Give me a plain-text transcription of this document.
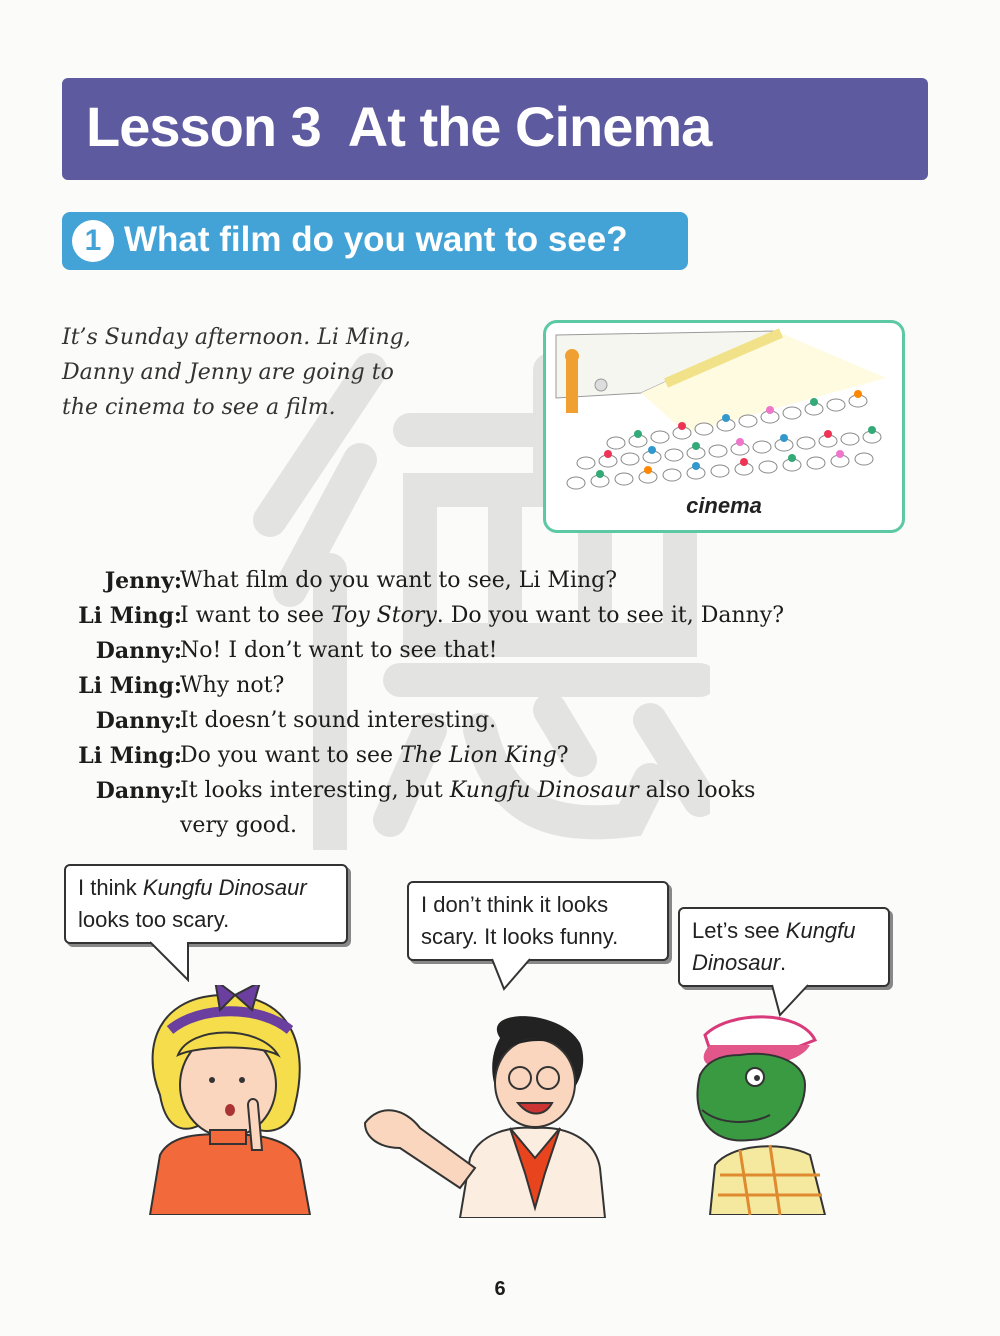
Lesson 3  At the Cinema
1 What film do you want to see?
It’s Sunday afternoon. Li Ming,
Danny and Jenny are going to
the cinema to see a film.
cinema
Jenny:
What film do you want to see, Li Ming?
Li Ming:
I want to see Toy Story. Do you want to see it, Danny?
Danny:
No! I don’t want to see that!
Li Ming:
Why not?
Danny:
It doesn’t sound interesting.
Li Ming:
Do you want to see The Lion King?
Danny:
It looks interesting, but Kungfu Dinosaur also looks
very good.
I think Kungfu Dinosaur
looks too scary.
I don’t think it looks
scary. It looks funny.	Let’s see Kungfu
Dinosaur.
6
